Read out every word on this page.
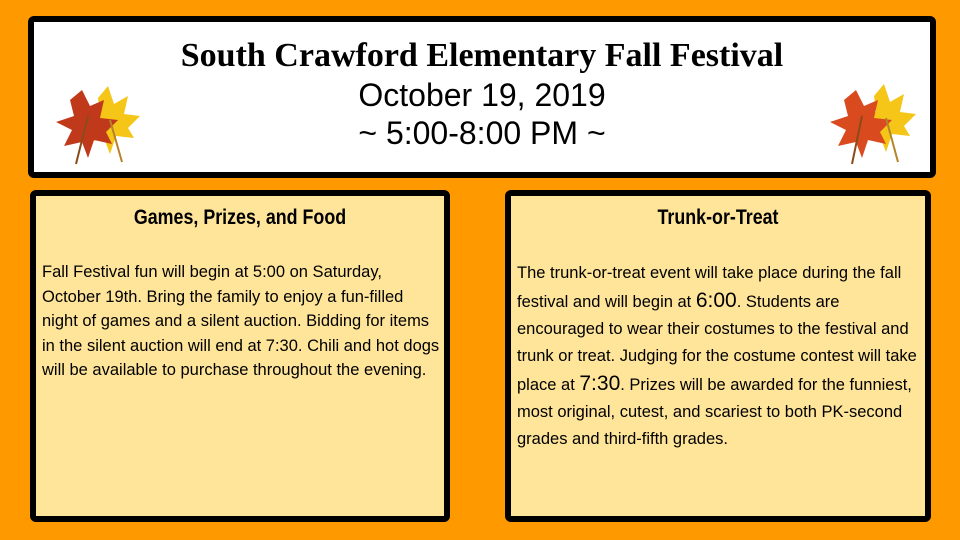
South Crawford Elementary Fall Festival
October 19, 2019
~ 5:00-8:00 PM ~
Games, Prizes, and Food

Fall Festival fun will begin at 5:00 on Saturday, October 19th. Bring the family to enjoy a fun-filled night of games and a silent auction. Bidding for items in the silent auction will end at 7:30. Chili and hot dogs will be available to purchase throughout the evening.

Trunk-or-Treat

The trunk-or-treat event will take place during the fall festival and will begin at 6:00. Students are encouraged to wear their costumes to the festival and trunk or treat. Judging for the costume contest will take place at 7:30. Prizes will be awarded for the funniest, most original, cutest, and scariest to both PK-second grades and third-fifth grades.
